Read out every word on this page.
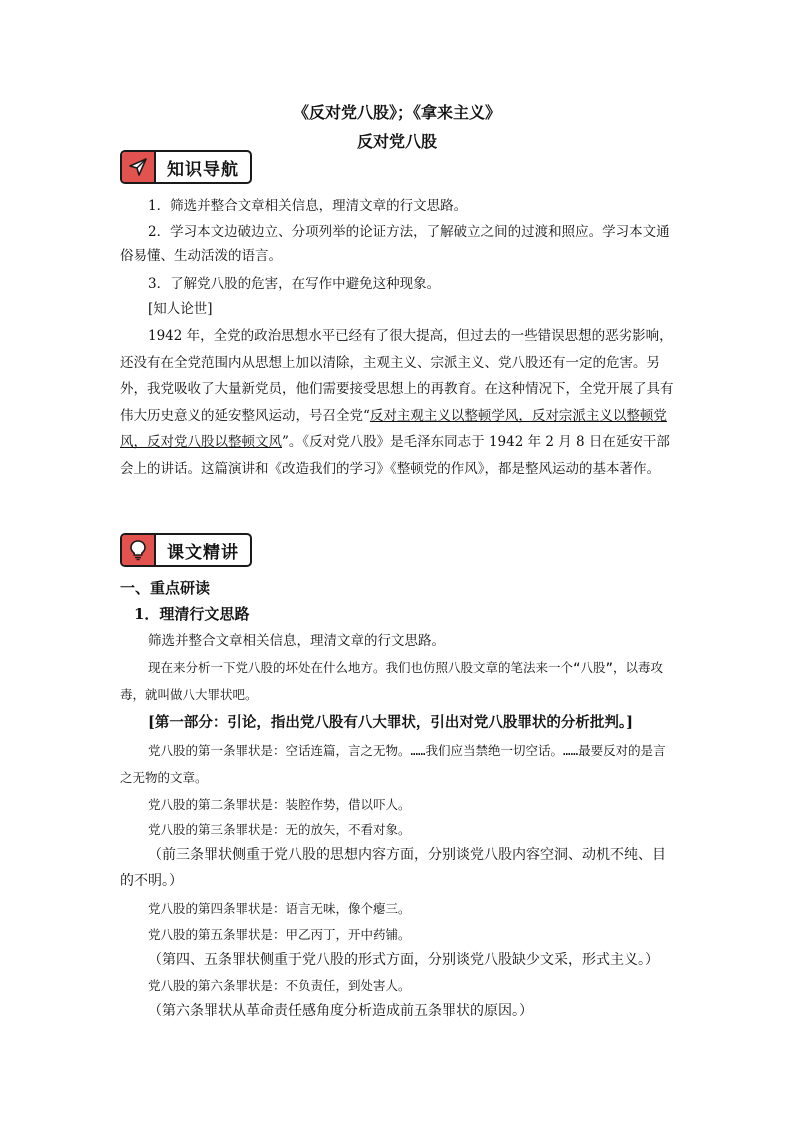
《反对党八股》；《拿来主义》
反对党八股
知识导航

1．筛选并整合文章相关信息，理清文章的行文思路。

2．学习本文边破边立、分项列举的论证方法，了解破立之间的过渡和照应。学习本文通俗易懂、生动活泼的语言。

3．了解党八股的危害，在写作中避免这种现象。

[知人论世]

1942 年，全党的政治思想水平已经有了很大提高，但过去的一些错误思想的恶劣影响，还没有在全党范围内从思想上加以清除，主观主义、宗派主义、党八股还有一定的危害。另外，我党吸收了大量新党员，他们需要接受思想上的再教育。在这种情况下，全党开展了具有伟大历史意义的延安整风运动，号召全党“反对主观主义以整顿学风，反对宗派主义以整顿党风，反对党八股以整顿文风”。《反对党八股》是毛泽东同志于 1942 年 2 月 8 日在延安干部会上的讲话。这篇演讲和《改造我们的学习》《整顿党的作风》，都是整风运动的基本著作。

课文精讲
一、重点研读
1．理清行文思路

筛选并整合文章相关信息，理清文章的行文思路。

现在来分析一下党八股的坏处在什么地方。我们也仿照八股文章的笔法来一个“八股”，以毒攻毒，就叫做八大罪状吧。

[第一部分：引论，指出党八股有八大罪状，引出对党八股罪状的分析批判。]

党八股的第一条罪状是：空话连篇，言之无物。……我们应当禁绝一切空话。……最要反对的是言之无物的文章。

党八股的第二条罪状是：装腔作势，借以吓人。

党八股的第三条罪状是：无的放矢，不看对象。

（前三条罪状侧重于党八股的思想内容方面，分别谈党八股内容空洞、动机不纯、目的不明。）

党八股的第四条罪状是：语言无味，像个瘪三。

党八股的第五条罪状是：甲乙丙丁，开中药铺。

（第四、五条罪状侧重于党八股的形式方面，分别谈党八股缺少文采，形式主义。）

党八股的第六条罪状是：不负责任，到处害人。

（第六条罪状从革命责任感角度分析造成前五条罪状的原因。）
